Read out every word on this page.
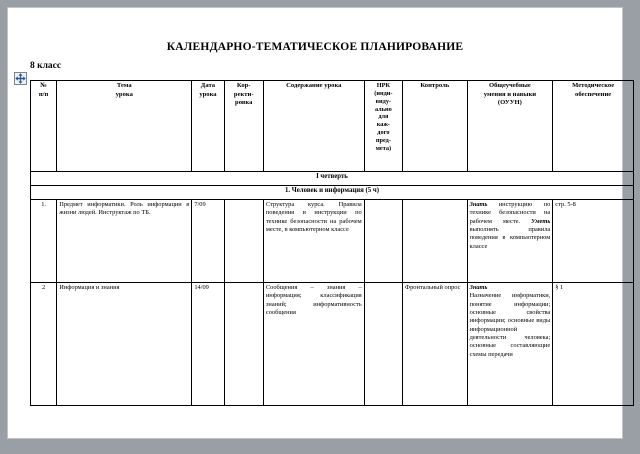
КАЛЕНДАРНО-ТЕМАТИЧЕСКОЕ ПЛАНИРОВАНИЕ
8 класс
№
п/п
	Тема
урока	Дата
урока	Кор-
ректи-
ровка	Содержание урока	НРК
(инди-
виду-
ально
для
каж-
дого
пред-
мета)	Контроль	Общеучебные
умения и навыки
(ОУУН)	Методическое
обеспечение
I четверть								
1. Человек и информация (5 ч)								
1.	Предмет информатики. Роль информации в жизни людей. Инструктаж по ТБ.	7/09		Структура курса. Правила поведения и инструкции по технике безопасности на рабочем месте, в компьютерном классе			Знать инструкцию по технике безопасности на рабочем месте. Уметь выполнять правила поведения в компьютерном классе	стр. 5-8
2	Информация и знания	14/09		Сообщения – знания – информация; классификация знаний; информативность сообщения		Фронтальный опрос	Знать
Назначение информатики, понятие информации; основные свойства информации; основные виды информационной деятельности человека; основные составляющие схемы передачи	§ 1
